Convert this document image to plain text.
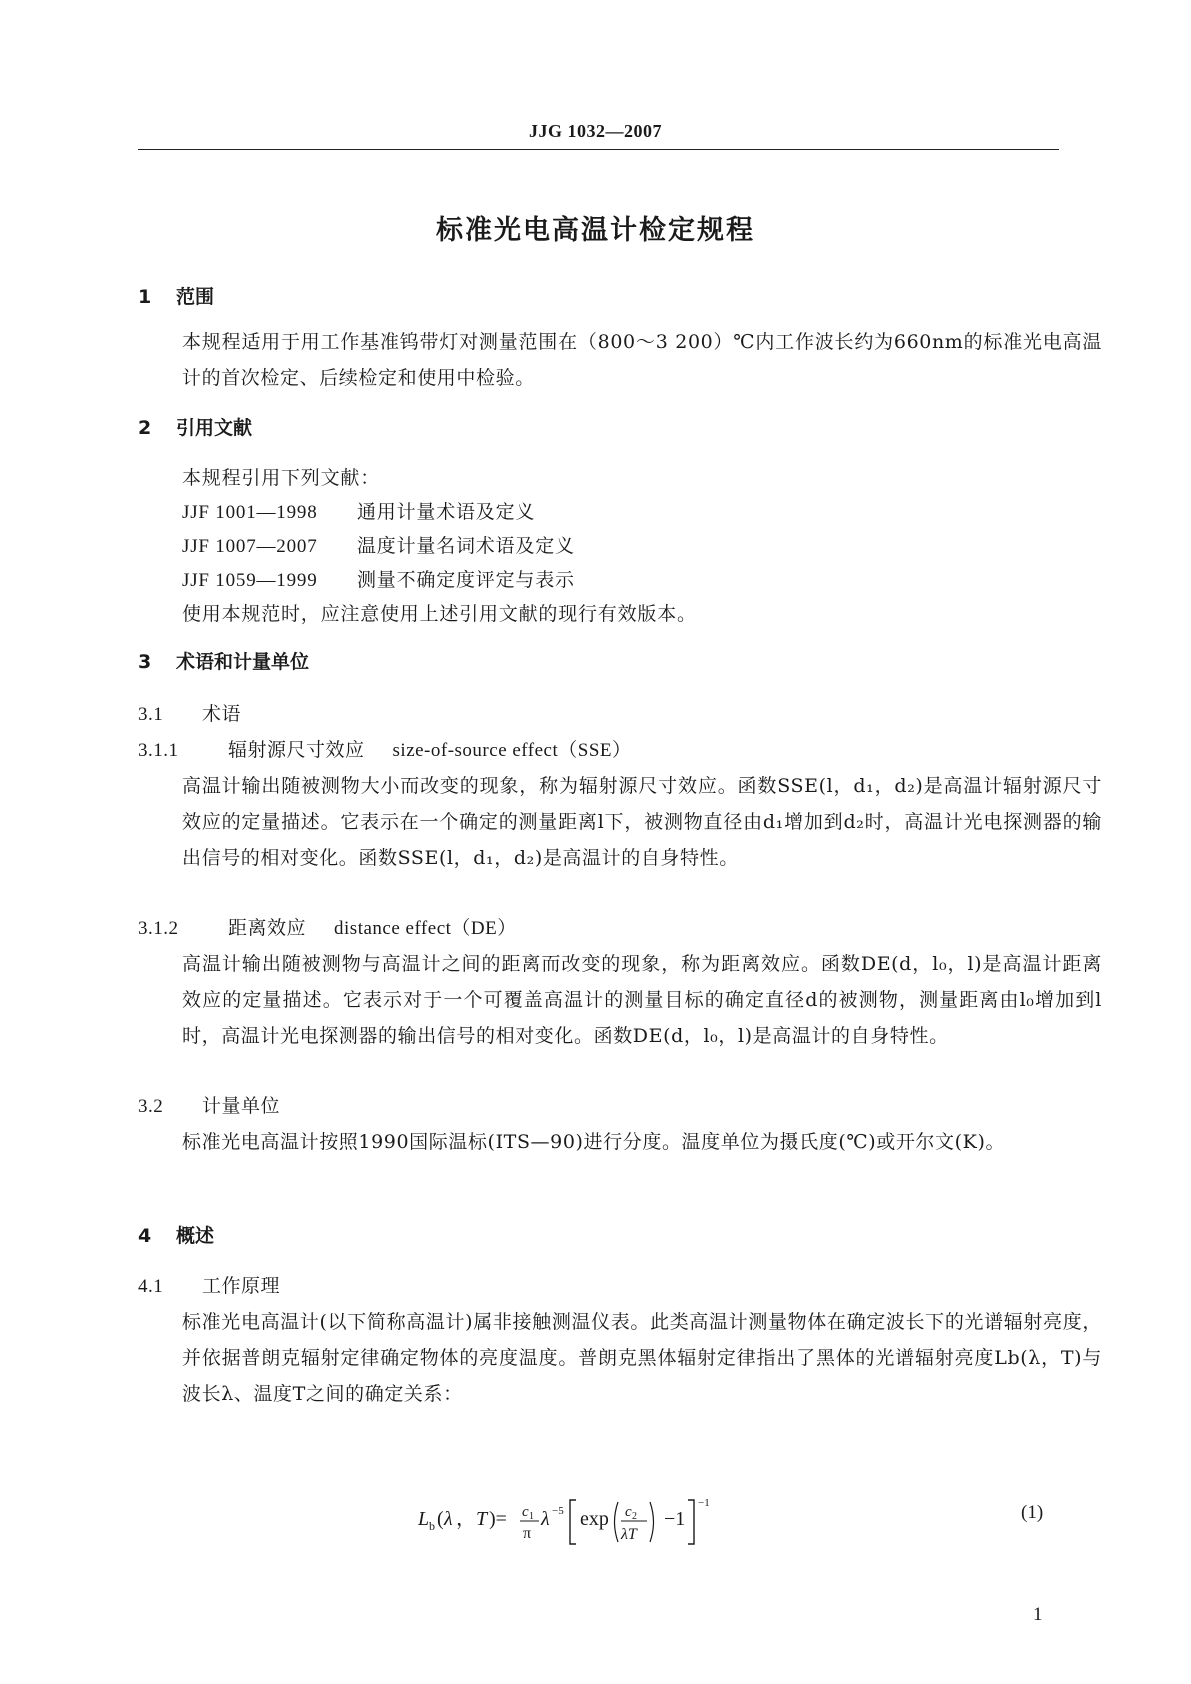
JJG 1032—2007
标准光电高温计检定规程
1 范围

本规程适用于用工作基准钨带灯对测量范围在（800～3 200）℃内工作波长约为660nm的标准光电高温计的首次检定、后续检定和使用中检验。

2 引用文献
本规程引用下列文献：
JJF 1001—1998 通用计量术语及定义
JJF 1007—2007 温度计量名词术语及定义
JJF 1059—1999 测量不确定度评定与表示
使用本规范时，应注意使用上述引用文献的现行有效版本。
3 术语和计量单位
3.1 术语
3.1.1	辐射源尺寸效应 size-of-source effect（SSE）

高温计输出随被测物大小而改变的现象，称为辐射源尺寸效应。函数SSE(l，d₁，d₂)是高温计辐射源尺寸效应的定量描述。它表示在一个确定的测量距离l下，被测物直径由d₁增加到d₂时，高温计光电探测器的输出信号的相对变化。函数SSE(l，d₁，d₂)是高温计的自身特性。

3.1.2	距离效应 distance effect（DE）

高温计输出随被测物与高温计之间的距离而改变的现象，称为距离效应。函数DE(d，l₀，l)是高温计距离效应的定量描述。它表示对于一个可覆盖高温计的测量目标的确定直径d的被测物，测量距离由l₀增加到l时，高温计光电探测器的输出信号的相对变化。函数DE(d，l₀，l)是高温计的自身特性。

3.2 计量单位

标准光电高温计按照1990国际温标(ITS—90)进行分度。温度单位为摄氏度(℃)或开尔文(K)。

4 概述
4.1 工作原理

标准光电高温计(以下简称高温计)属非接触测温仪表。此类高温计测量物体在确定波长下的光谱辐射亮度，并依据普朗克辐射定律确定物体的亮度温度。普朗克黑体辐射定律指出了黑体的光谱辐射亮度Lb(λ，T)与波长λ、温度T之间的确定关系：

L b ( λ ， T )= c 1
π
λ −5 exp c 2
λT
−1
−1	(1)
1
